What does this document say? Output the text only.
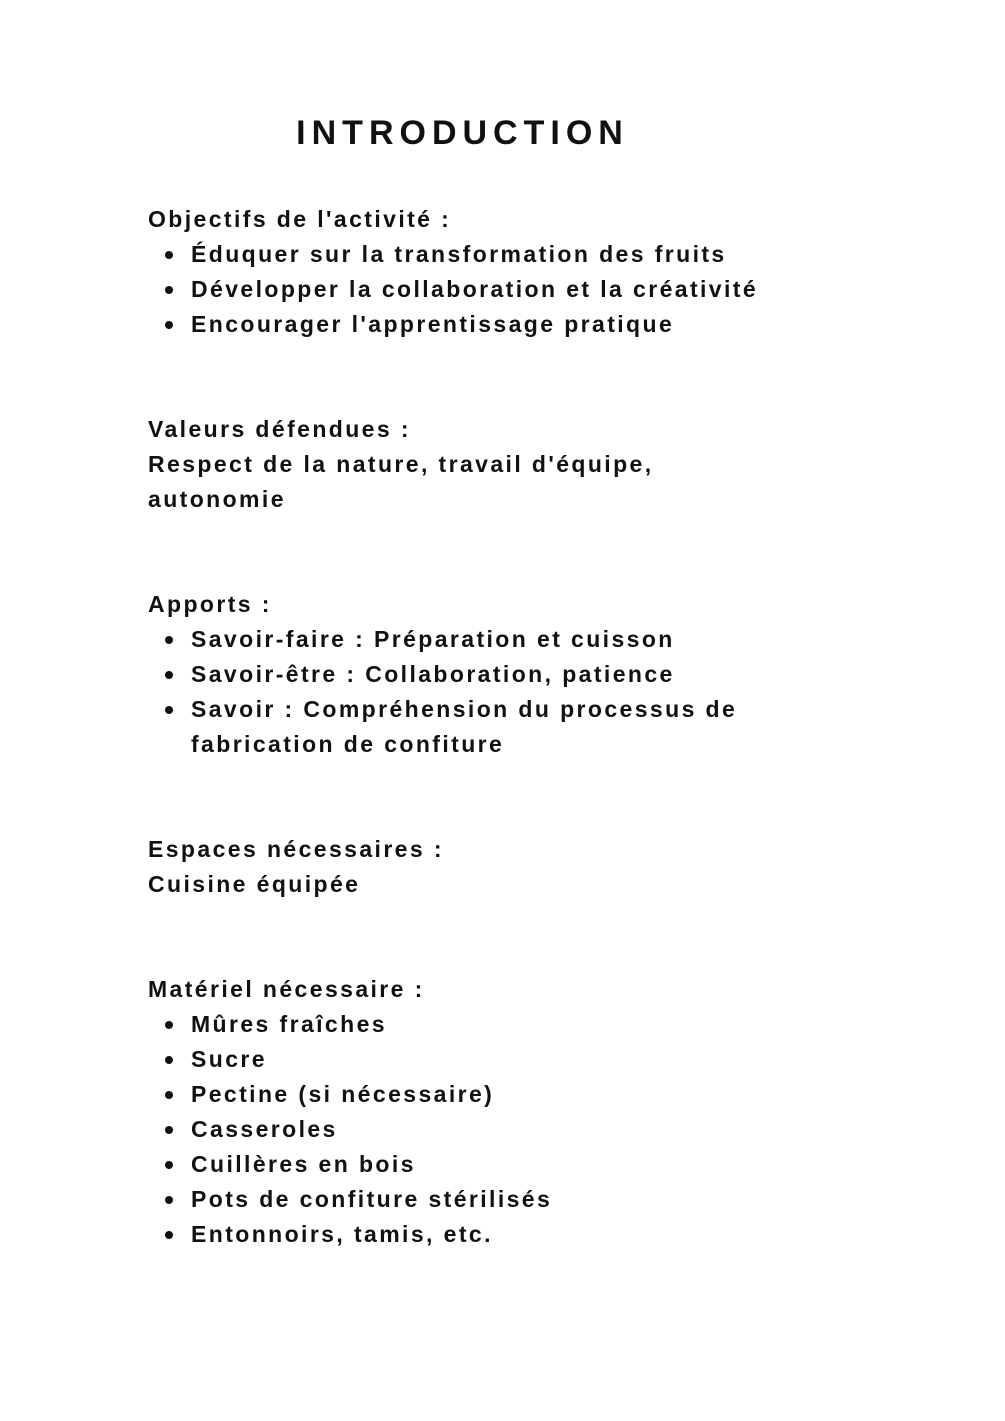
INTRODUCTION

Objectifs de l'activité :

Éduquer sur la transformation des fruits
Développer la collaboration et la créativité
Encourager l'apprentissage pratique

Valeurs défendues :

Respect de la nature, travail d'équipe, autonomie

Apports :

Savoir-faire : Préparation et cuisson
Savoir-être : Collaboration, patience
Savoir : Compréhension du processus de fabrication de confiture

Espaces nécessaires :

Cuisine équipée

Matériel nécessaire :

Mûres fraîches
Sucre
Pectine (si nécessaire)
Casseroles
Cuillères en bois
Pots de confiture stérilisés
Entonnoirs, tamis, etc.
